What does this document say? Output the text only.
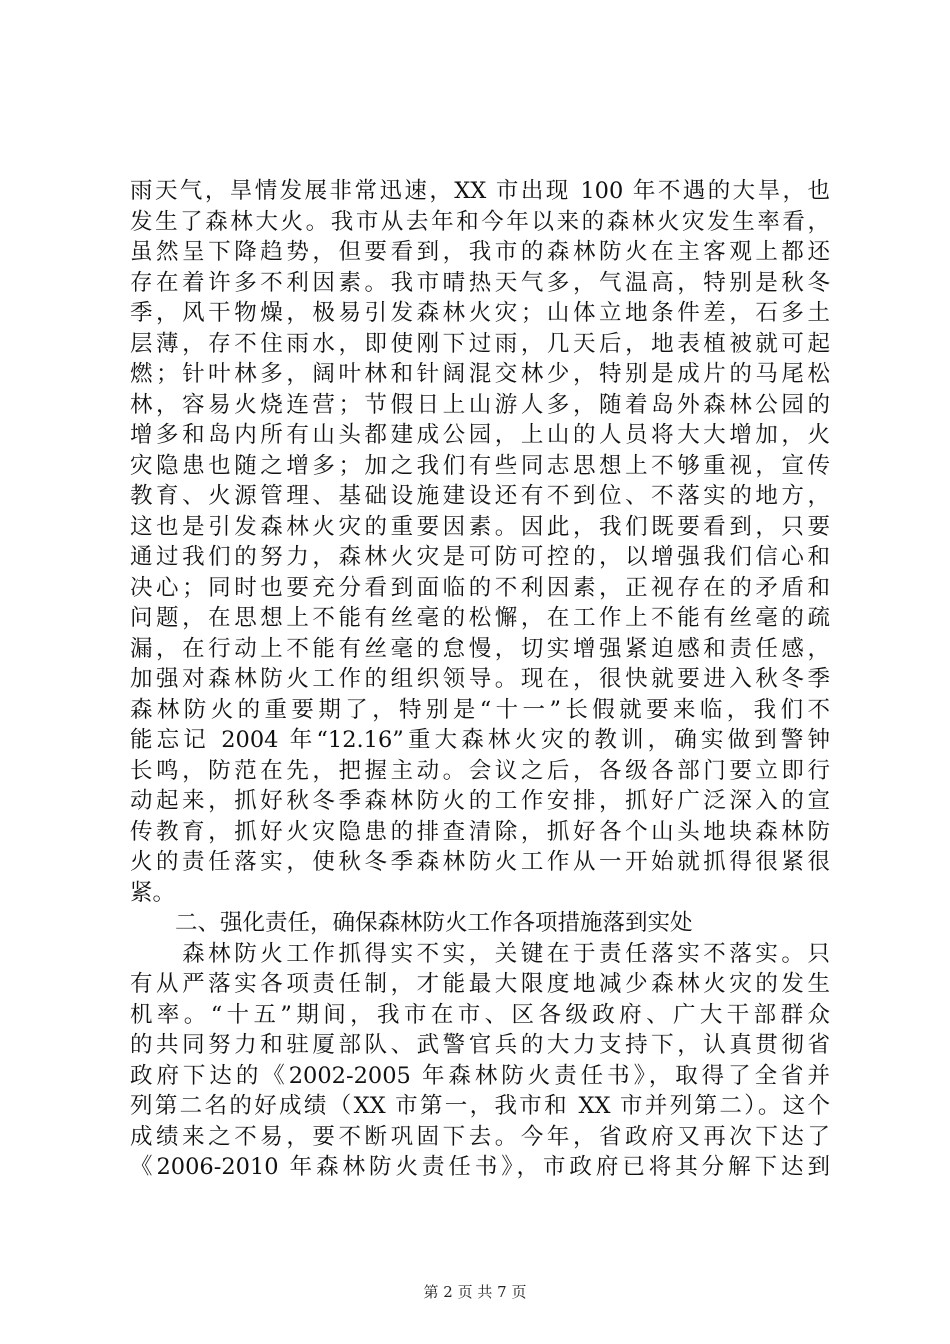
雨天气，旱情发展非常迅速，XX 市出现 100 年不遇的大旱，也
发生了森林大火。我市从去年和今年以来的森林火灾发生率看，
虽然呈下降趋势，但要看到，我市的森林防火在主客观上都还
存在着许多不利因素。我市晴热天气多，气温高，特别是秋冬
季，风干物燥，极易引发森林火灾；山体立地条件差，石多土
层薄，存不住雨水，即使刚下过雨，几天后，地表植被就可起
燃；针叶林多，阔叶林和针阔混交林少，特别是成片的马尾松
林，容易火烧连营；节假日上山游人多，随着岛外森林公园的
增多和岛内所有山头都建成公园，上山的人员将大大增加，火
灾隐患也随之增多；加之我们有些同志思想上不够重视，宣传
教育、火源管理、基础设施建设还有不到位、不落实的地方，
这也是引发森林火灾的重要因素。因此，我们既要看到，只要
通过我们的努力，森林火灾是可防可控的，以增强我们信心和
决心；同时也要充分看到面临的不利因素，正视存在的矛盾和
问题，在思想上不能有丝毫的松懈，在工作上不能有丝毫的疏
漏，在行动上不能有丝毫的怠慢，切实增强紧迫感和责任感，
加强对森林防火工作的组织领导。现在，很快就要进入秋冬季
森林防火的重要期了，特别是“十一”长假就要来临，我们不
能忘记 2004 年“12.16”重大森林火灾的教训，确实做到警钟
长鸣，防范在先，把握主动。会议之后，各级各部门要立即行
动起来，抓好秋冬季森林防火的工作安排，抓好广泛深入的宣
传教育，抓好火灾隐患的排查清除，抓好各个山头地块森林防
火的责任落实，使秋冬季森林防火工作从一开始就抓得很紧很
紧。
　　二、强化责任，确保森林防火工作各项措施落到实处
　　森林防火工作抓得实不实，关键在于责任落实不落实。只
有从严落实各项责任制，才能最大限度地减少森林火灾的发生
机率。“十五”期间，我市在市、区各级政府、广大干部群众
的共同努力和驻厦部队、武警官兵的大力支持下，认真贯彻省
政府下达的《2002-2005 年森林防火责任书》，取得了全省并
列第二名的好成绩（XX 市第一，我市和 XX 市并列第二）。这个
成绩来之不易，要不断巩固下去。今年，省政府又再次下达了
《2006-2010 年森林防火责任书》，市政府已将其分解下达到
第 2 页 共 7 页
